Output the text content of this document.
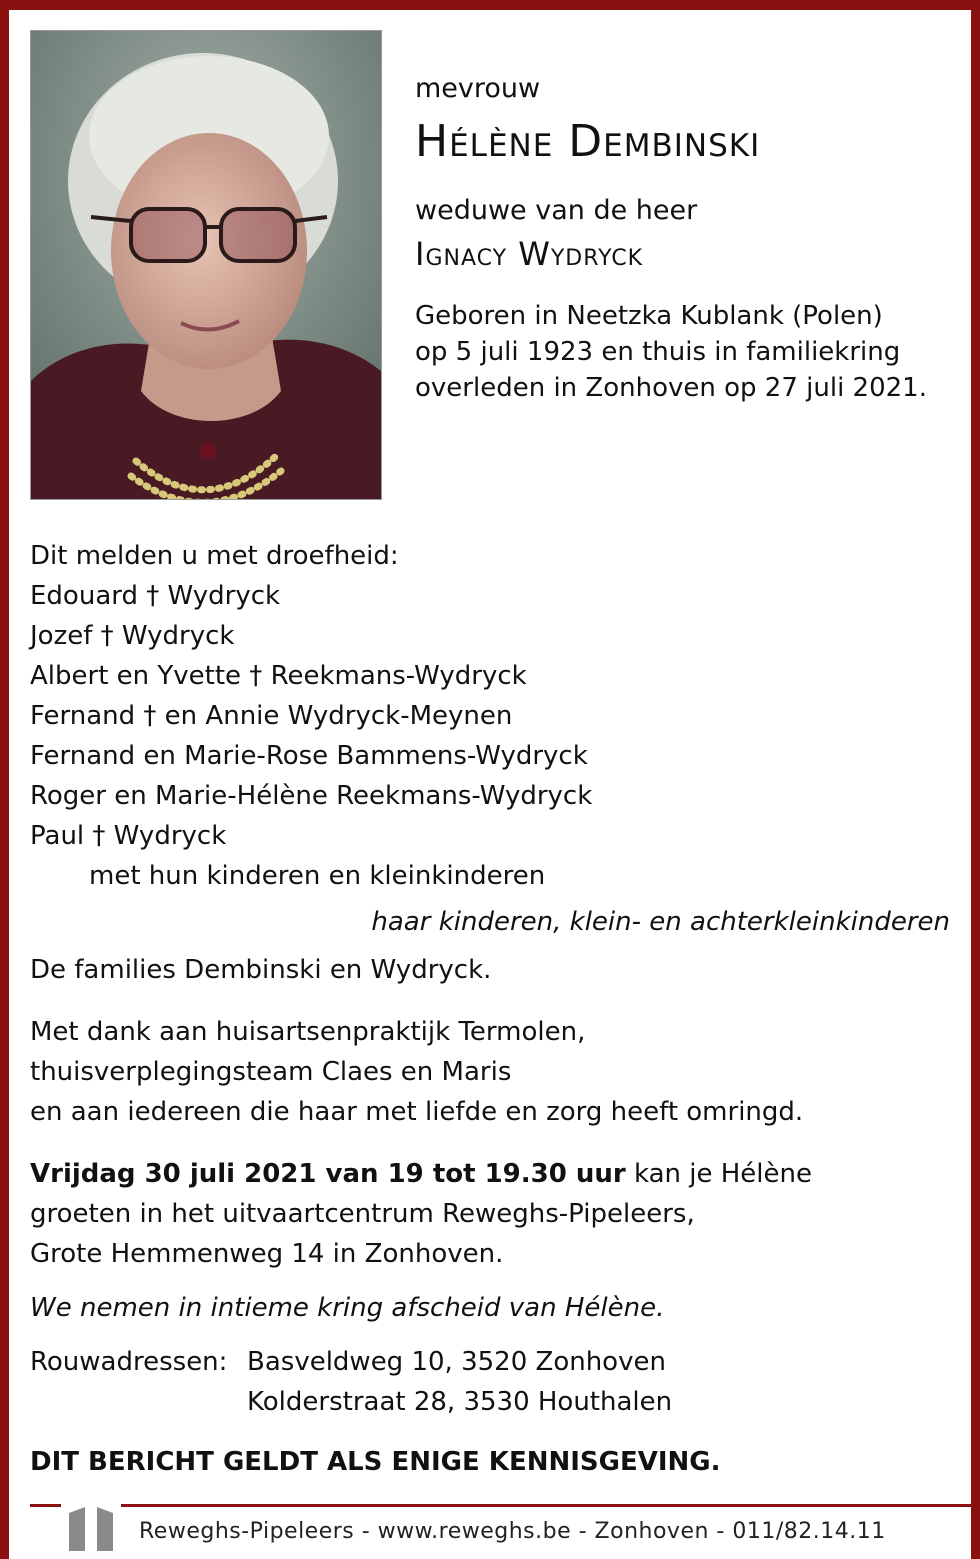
mevrouw

Hélène Dembinski

weduwe van de heer

Ignacy Wydryck

Geboren in Neetzka Kublank (Polen)
op 5 juli 1923 en thuis in familiekring
overleden in Zonhoven op 27 juli 2021.

Dit melden u met droefheid:

Edouard † Wydryck

Jozef † Wydryck

Albert en Yvette † Reekmans-Wydryck

Fernand † en Annie Wydryck-Meynen

Fernand en Marie-Rose Bammens-Wydryck

Roger en Marie-Hélène Reekmans-Wydryck

Paul † Wydryck

met hun kinderen en kleinkinderen

haar kinderen, klein- en achterkleinkinderen

De families Dembinski en Wydryck.

Met dank aan huisartsenpraktijk Termolen,

thuisverplegingsteam Claes en Maris

en aan iedereen die haar met liefde en zorg heeft omringd.

Vrijdag 30 juli 2021 van 19 tot 19.30 uur kan je Hélène

groeten in het uitvaartcentrum Reweghs-Pipeleers,

Grote Hemmenweg 14 in Zonhoven.

We nemen in intieme kring afscheid van Hélène.

Rouwadressen: Basveldweg 10, 3520 Zonhoven

Kolderstraat 28, 3530 Houthalen

DIT BERICHT GELDT ALS ENIGE KENNISGEVING.

Reweghs-Pipeleers - www.reweghs.be - Zonhoven - 011/82.14.11
